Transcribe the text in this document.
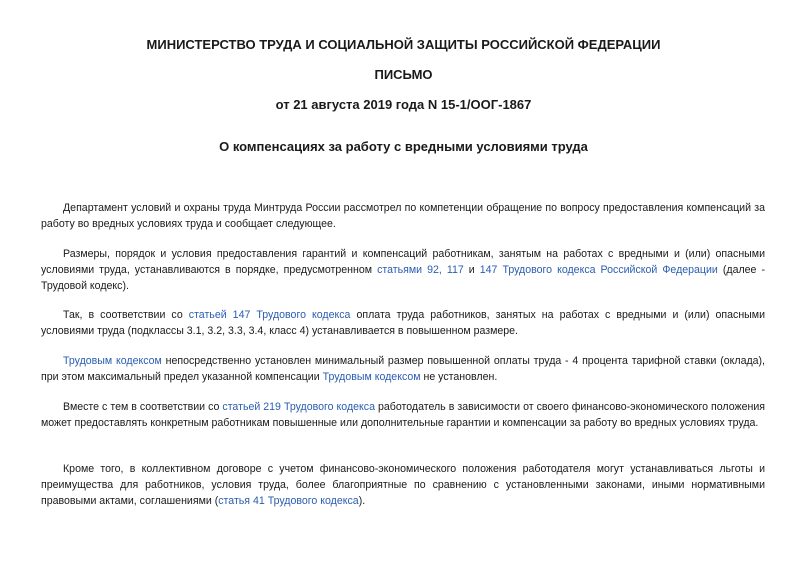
МИНИСТЕРСТВО ТРУДА И СОЦИАЛЬНОЙ ЗАЩИТЫ РОССИЙСКОЙ ФЕДЕРАЦИИ
ПИСЬМО
от 21 августа 2019 года N 15-1/ООГ-1867
О компенсациях за работу с вредными условиями труда

Департамент условий и охраны труда Минтруда России рассмотрел по компетенции обращение по вопросу предоставления компенсаций за работу во вредных условиях труда и сообщает следующее.

Размеры, порядок и условия предоставления гарантий и компенсаций работникам, занятым на работах с вредными и (или) опасными условиями труда, устанавливаются в порядке, предусмотренном статьями 92, 117 и 147 Трудового кодекса Российской Федерации (далее - Трудовой кодекс).

Так, в соответствии со статьей 147 Трудового кодекса оплата труда работников, занятых на работах с вредными и (или) опасными условиями труда (подклассы 3.1, 3.2, 3.3, 3.4, класс 4) устанавливается в повышенном размере.

Трудовым кодексом непосредственно установлен минимальный размер повышенной оплаты труда - 4 процента тарифной ставки (оклада), при этом максимальный предел указанной компенсации Трудовым кодексом не установлен.

Вместе с тем в соответствии со статьей 219 Трудового кодекса работодатель в зависимости от своего финансово-экономического положения может предоставлять конкретным работникам повышенные или дополнительные гарантии и компенсации за работу во вредных условиях труда.

Кроме того, в коллективном договоре с учетом финансово-экономического положения работодателя могут устанавливаться льготы и преимущества для работников, условия труда, более благоприятные по сравнению с установленными законами, иными нормативными правовыми актами, соглашениями (статья 41 Трудового кодекса).
